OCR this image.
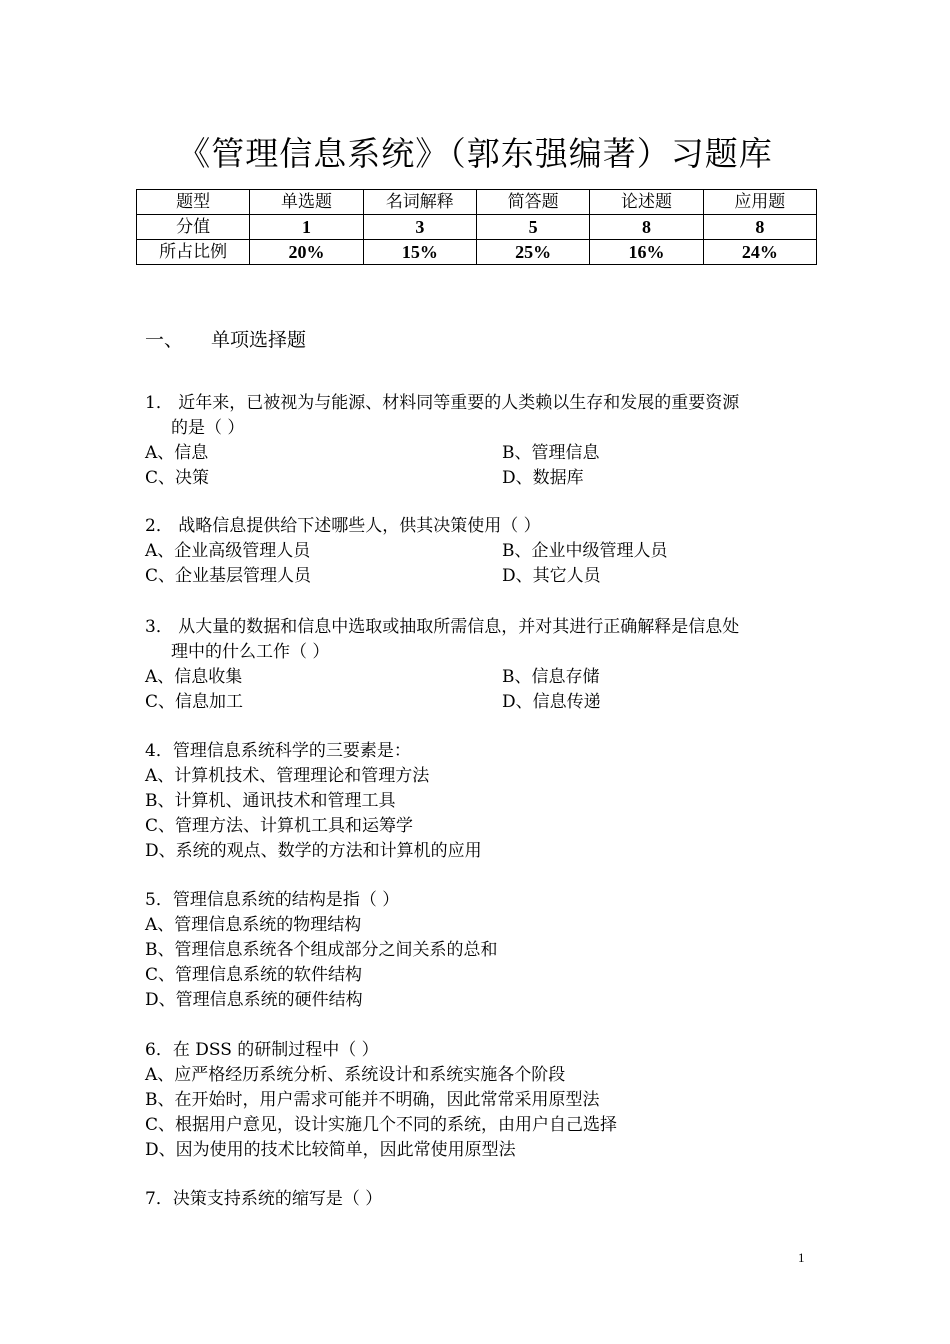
《管理信息系统》（郭东强编著）习题库
题型	单选题	名词解释	简答题	论述题	应用题
分值	1	3	5	8	8
所占比例	20%	15%	25%	16%	24%
一、 单项选择题
1． 近年来，已被视为与能源、材料同等重要的人类赖以生存和发展的重要资源
的是（ ）
A、信息	B、管理信息
C、决策	D、数据库
2． 战略信息提供给下述哪些人，供其决策使用（ ）
A、企业高级管理人员	B、企业中级管理人员
C、企业基层管理人员	D、其它人员
3． 从大量的数据和信息中选取或抽取所需信息，并对其进行正确解释是信息处
理中的什么工作（ ）
A、信息收集	B、信息存储
C、信息加工	D、信息传递
4．管理信息系统科学的三要素是：
A、计算机技术、管理理论和管理方法
B、计算机、通讯技术和管理工具
C、管理方法、计算机工具和运筹学
D、系统的观点、数学的方法和计算机的应用
5．管理信息系统的结构是指（ ）
A、管理信息系统的物理结构
B、管理信息系统各个组成部分之间关系的总和
C、管理信息系统的软件结构
D、管理信息系统的硬件结构
6．在 DSS 的研制过程中（ ）
A、应严格经历系统分析、系统设计和系统实施各个阶段
B、在开始时，用户需求可能并不明确，因此常常采用原型法
C、根据用户意见，设计实施几个不同的系统，由用户自己选择
D、因为使用的技术比较简单，因此常使用原型法
7．决策支持系统的缩写是（ ）
1
